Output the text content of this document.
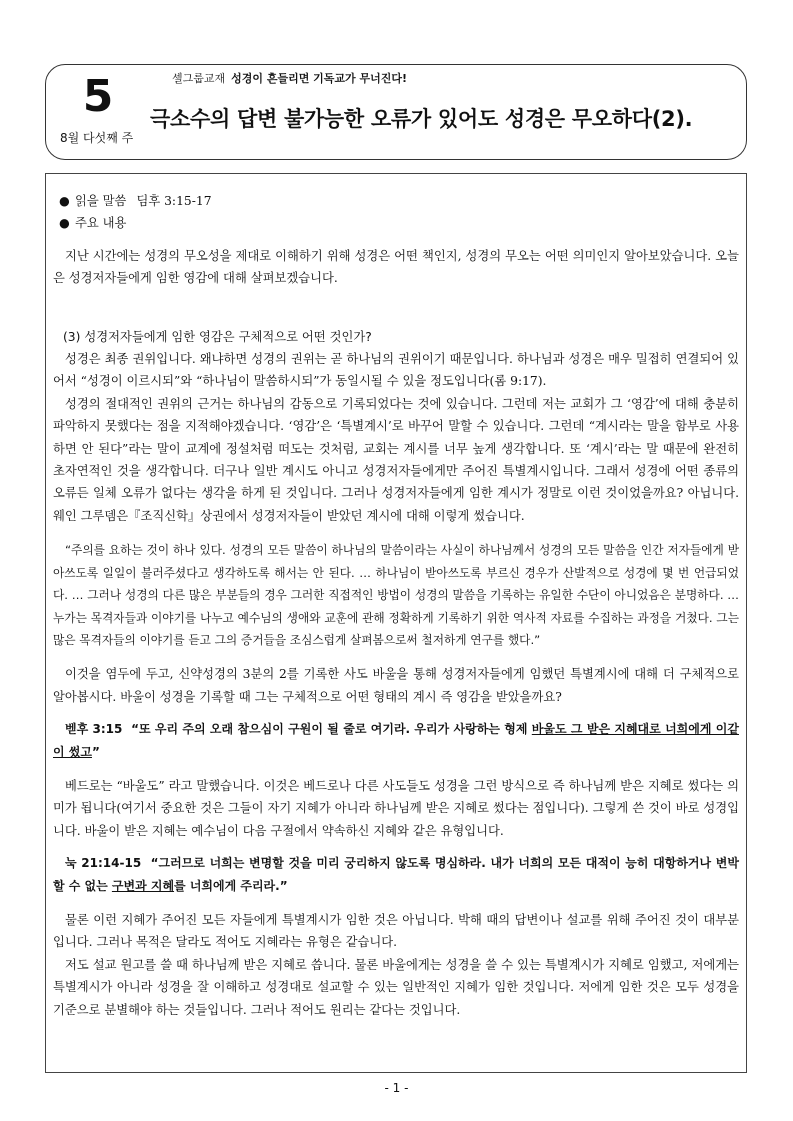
5
8월 다섯째 주
셀그룹교재 성경이 흔들리면 기독교가 무너진다!
극소수의 답변 불가능한 오류가 있어도 성경은 무오하다(2).

● 읽을 말씀 딤후 3:15-17

● 주요 내용

지난 시간에는 성경의 무오성을 제대로 이해하기 위해 성경은 어떤 책인지, 성경의 무오는 어떤 의미인지 알아보았습니다. 오늘은 성경저자들에게 임한 영감에 대해 살펴보겠습니다.

(3) 성경저자들에게 임한 영감은 구체적으로 어떤 것인가?

성경은 최종 권위입니다. 왜냐하면 성경의 권위는 곧 하나님의 권위이기 때문입니다. 하나님과 성경은 매우 밀접히 연결되어 있어서 “성경이 이르시되”와 “하나님이 말씀하시되”가 동일시될 수 있을 정도입니다(롬 9:17).

성경의 절대적인 권위의 근거는 하나님의 감동으로 기록되었다는 것에 있습니다. 그런데 저는 교회가 그 ‘영감’에 대해 충분히 파악하지 못했다는 점을 지적해야겠습니다. ‘영감’은 ‘특별계시’로 바꾸어 말할 수 있습니다. 그런데 “계시라는 말을 함부로 사용하면 안 된다”라는 말이 교계에 정설처럼 떠도는 것처럼, 교회는 계시를 너무 높게 생각합니다. 또 ‘계시’라는 말 때문에 완전히 초자연적인 것을 생각합니다. 더구나 일반 계시도 아니고 성경저자들에게만 주어진 특별계시입니다. 그래서 성경에 어떤 종류의 오류든 일체 오류가 없다는 생각을 하게 된 것입니다. 그러나 성경저자들에게 임한 계시가 정말로 이런 것이었을까요? 아닙니다. 웨인 그루뎀은『조직신학』상권에서 성경저자들이 받았던 계시에 대해 이렇게 썼습니다.

“주의를 요하는 것이 하나 있다. 성경의 모든 말씀이 하나님의 말씀이라는 사실이 하나님께서 성경의 모든 말씀을 인간 저자들에게 받아쓰도록 일일이 불러주셨다고 생각하도록 해서는 안 된다. … 하나님이 받아쓰도록 부르신 경우가 산발적으로 성경에 몇 번 언급되었다. … 그러나 성경의 다른 많은 부분들의 경우 그러한 직접적인 방법이 성경의 말씀을 기록하는 유일한 수단이 아니었음은 분명하다. … 누가는 목격자들과 이야기를 나누고 예수님의 생애와 교훈에 관해 정확하게 기록하기 위한 역사적 자료를 수집하는 과정을 거쳤다. 그는 많은 목격자들의 이야기를 듣고 그의 증거들을 조심스럽게 살펴봄으로써 철저하게 연구를 했다.”

이것을 염두에 두고, 신약성경의 3분의 2를 기록한 사도 바울을 통해 성경저자들에게 임했던 특별계시에 대해 더 구체적으로 알아봅시다. 바울이 성경을 기록할 때 그는 구체적으로 어떤 형태의 계시 즉 영감을 받았을까요?

벧후 3:15 “또 우리 주의 오래 참으심이 구원이 될 줄로 여기라. 우리가 사랑하는 형제 바울도 그 받은 지혜대로 너희에게 이같이 썼고”

베드로는 “바울도” 라고 말했습니다. 이것은 베드로나 다른 사도들도 성경을 그런 방식으로 즉 하나님께 받은 지혜로 썼다는 의미가 됩니다(여기서 중요한 것은 그들이 자기 지혜가 아니라 하나님께 받은 지혜로 썼다는 점입니다). 그렇게 쓴 것이 바로 성경입니다. 바울이 받은 지혜는 예수님이 다음 구절에서 약속하신 지혜와 같은 유형입니다.

눅 21:14-15 “그러므로 너희는 변명할 것을 미리 궁리하지 않도록 명심하라. 내가 너희의 모든 대적이 능히 대항하거나 변박할 수 없는 구변과 지혜를 너희에게 주리라.”

물론 이런 지혜가 주어진 모든 자들에게 특별계시가 임한 것은 아닙니다. 박해 때의 답변이나 설교를 위해 주어진 것이 대부분입니다. 그러나 목적은 달라도 적어도 지혜라는 유형은 같습니다.

저도 설교 원고를 쓸 때 하나님께 받은 지혜로 씁니다. 물론 바울에게는 성경을 쓸 수 있는 특별계시가 지혜로 임했고, 저에게는 특별계시가 아니라 성경을 잘 이해하고 성경대로 설교할 수 있는 일반적인 지혜가 임한 것입니다. 저에게 임한 것은 모두 성경을 기준으로 분별해야 하는 것들입니다. 그러나 적어도 원리는 같다는 것입니다.

- 1 -
